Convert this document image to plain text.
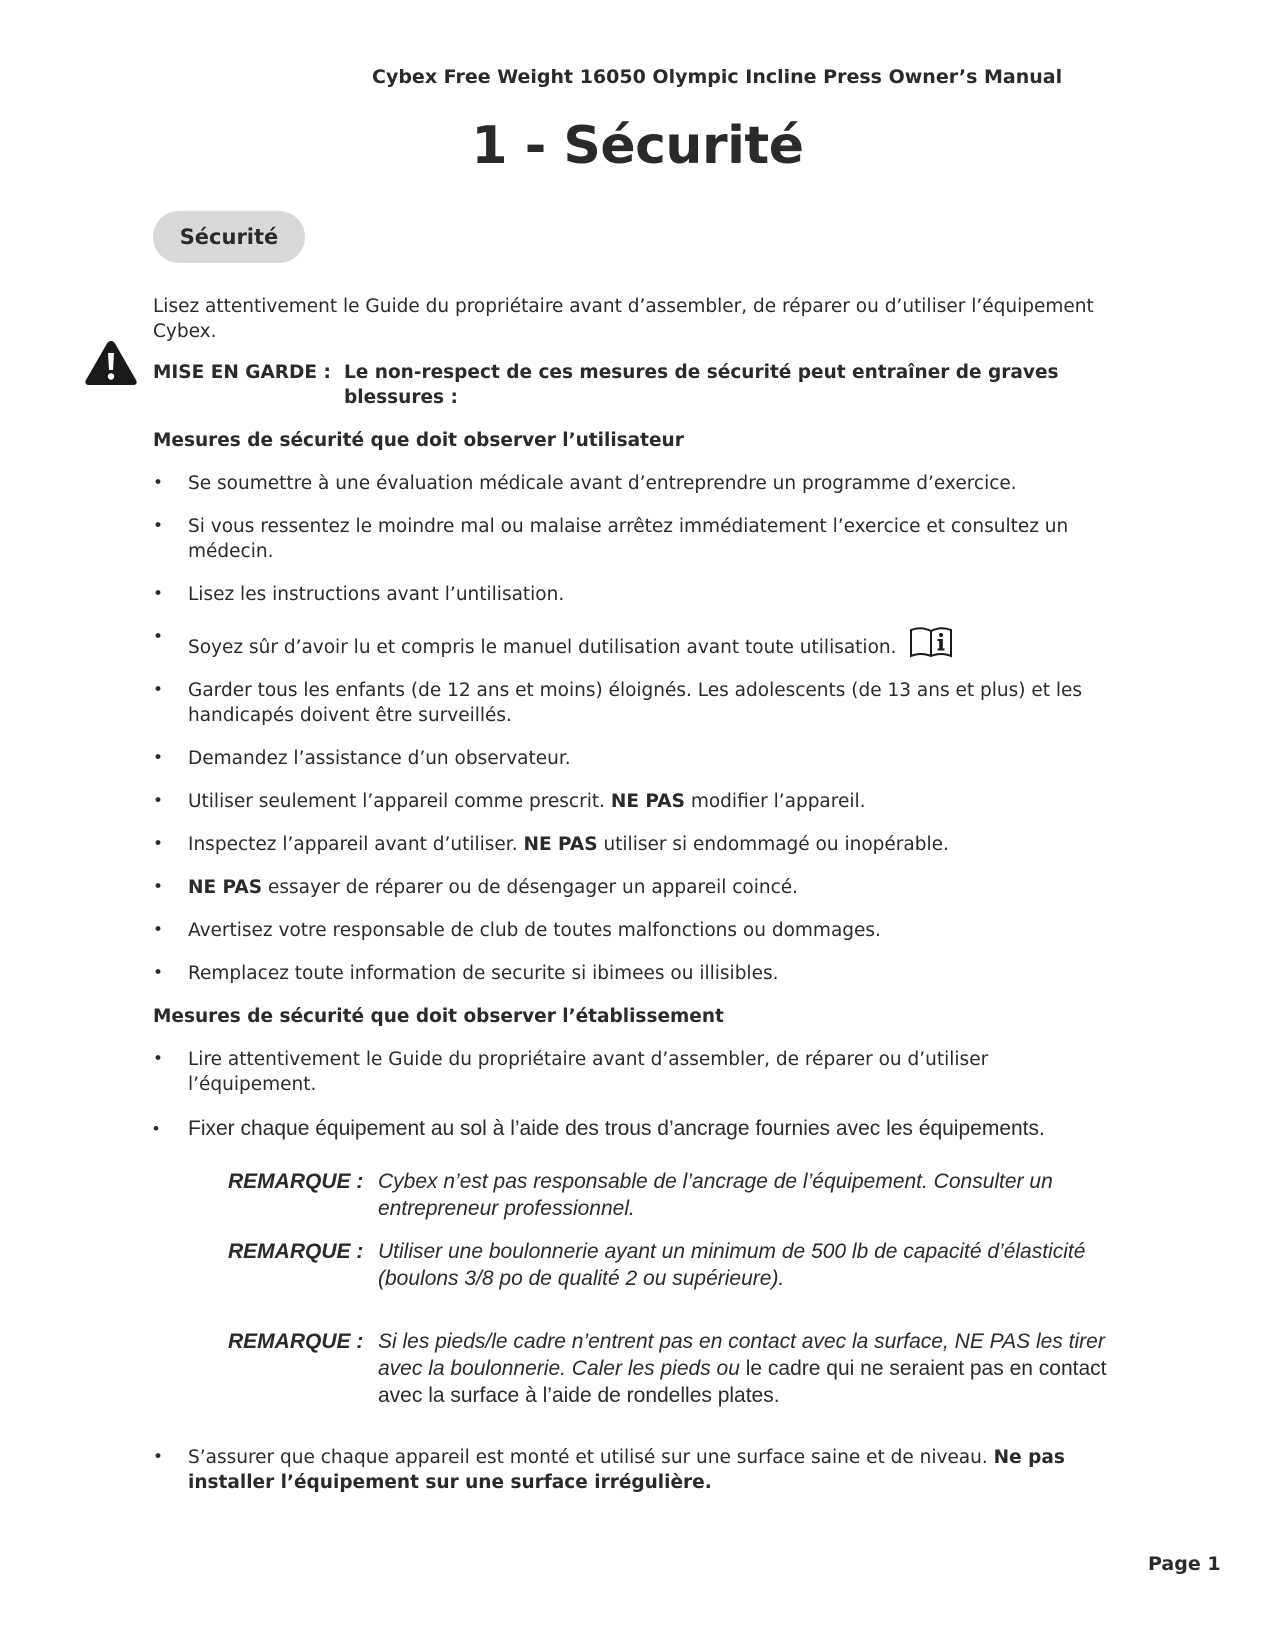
Cybex Free Weight 16050 Olympic Incline Press Owner’s Manual
1 - Sécurité
Sécurité
Lisez attentivement le Guide du propriétaire avant d’assembler, de réparer ou d’utiliser l’équipement Cybex.
MISE EN GARDE : Le non-respect de ces mesures de sécurité peut entraîner de graves blessures :
Mesures de sécurité que doit observer l’utilisateur
•	Se soumettre à une évaluation médicale avant d’entreprendre un programme d’exercice.
•	Si vous ressentez le moindre mal ou malaise arrêtez immédiatement l’exercice et consultez un médecin.
•	Lisez les instructions avant l’untilisation.
•	Soyez sûr d’avoir lu et compris le manuel dutilisation avant toute utilisation.
•	Garder tous les enfants (de 12 ans et moins) éloignés. Les adolescents (de 13 ans et plus) et les handicapés doivent être surveillés.
•	Demandez l’assistance d’un observateur.
•	Utiliser seulement l’appareil comme prescrit. NE PAS modifier l’appareil.
•	Inspectez l’appareil avant d’utiliser. NE PAS utiliser si endommagé ou inopérable.
•	NE PAS essayer de réparer ou de désengager un appareil coincé.
•	Avertisez votre responsable de club de toutes malfonctions ou dommages.
•	Remplacez toute information de securite si ibimees ou illisibles.
Mesures de sécurité que doit observer l’établissement
•	Lire attentivement le Guide du propriétaire avant d’assembler, de réparer ou d’utiliser l’équipement.
•	Fixer chaque équipement au sol à l’aide des trous d’ancrage fournies avec les équipements.
REMARQUE : Cybex n’est pas responsable de l’ancrage de l’équipement. Consulter un entrepreneur professionnel.
REMARQUE : Utiliser une boulonnerie ayant un minimum de 500 lb de capacité d’élasticité (boulons 3/8 po de qualité 2 ou supérieure).
REMARQUE : Si les pieds/le cadre n’entrent pas en contact avec la surface, NE PAS les tirer avec la boulonnerie. Caler les pieds ou le cadre qui ne seraient pas en contact avec la surface à l’aide de rondelles plates.
•	S’assurer que chaque appareil est monté et utilisé sur une surface saine et de niveau. Ne pas installer l’équipement sur une surface irrégulière.
Page 1
